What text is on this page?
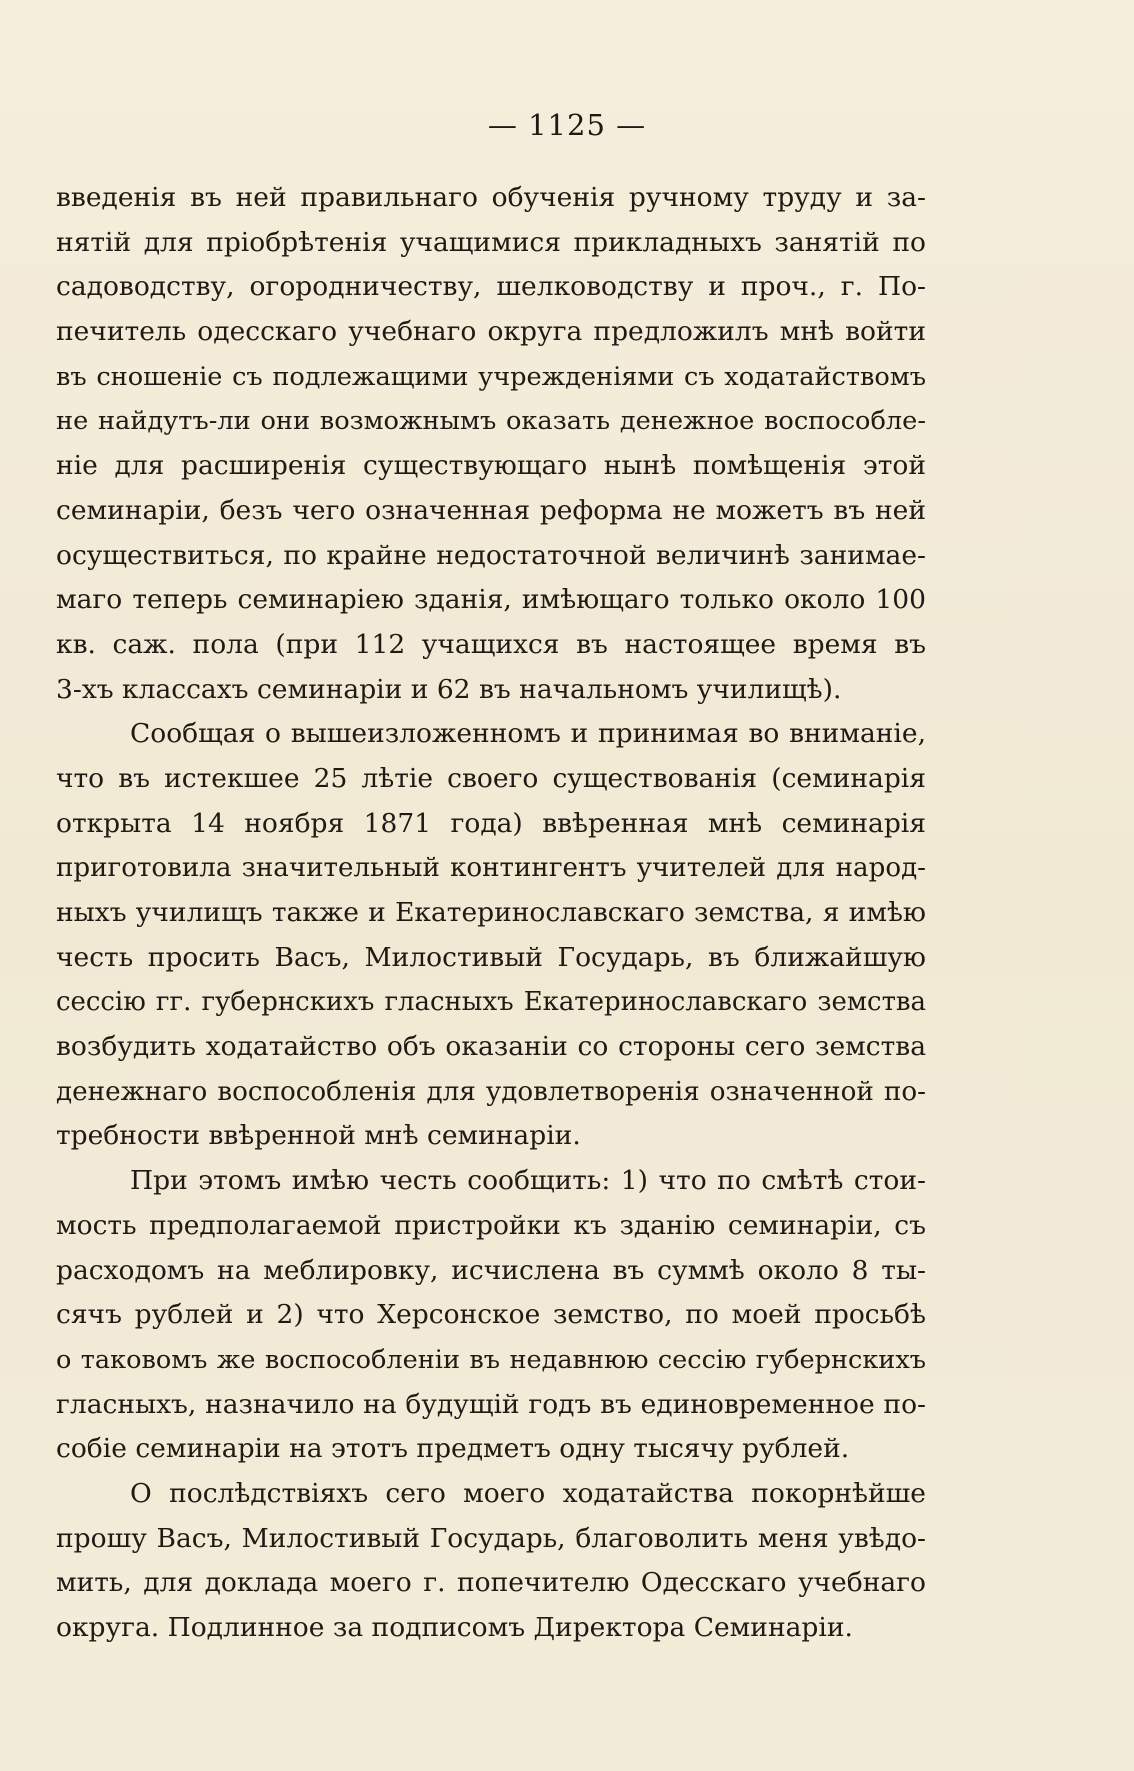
— 1125 —
введенія въ ней правильнаго обученія ручному труду и за-
нятій для пріобрѣтенія учащимися прикладныхъ занятій по
садоводству, огородничеству, шелководству и проч., г. По-
печитель одесскаго учебнаго округа предложилъ мнѣ войти
въ сношеніе съ подлежащими учрежденіями съ ходатайствомъ
не найдутъ-ли они возможнымъ оказать денежное воспособле-
ніе для расширенія существующаго нынѣ помѣщенія этой
семинаріи, безъ чего означенная реформа не можетъ въ ней
осуществиться, по крайне недостаточной величинѣ занимае-
маго теперь семинаріею зданія, имѣющаго только около 100
кв. саж. пола (при 112 учащихся въ настоящее время въ
3-хъ классахъ семинаріи и 62 въ начальномъ училищѣ).
Сообщая о вышеизложенномъ и принимая во вниманіе,
что въ истекшее 25 лѣтіе своего существованія (семинарія
открыта 14 ноября 1871 года) ввѣренная мнѣ семинарія
приготовила значительный контингентъ учителей для народ-
ныхъ училищъ также и Екатеринославскаго земства, я имѣю
честь просить Васъ, Милостивый Государь, въ ближайшую
сессію гг. губернскихъ гласныхъ Екатеринославскаго земства
возбудить ходатайство объ оказаніи со стороны сего земства
денежнаго воспособленія для удовлетворенія означенной по-
требности ввѣренной мнѣ семинаріи.
При этомъ имѣю честь сообщить: 1) что по смѣтѣ стои-
мость предполагаемой пристройки къ зданію семинаріи, съ
расходомъ на меблировку, исчислена въ суммѣ около 8 ты-
сячъ рублей и 2) что Херсонское земство, по моей просьбѣ
о таковомъ же воспособленіи въ недавнюю сессію губернскихъ
гласныхъ, назначило на будущій годъ въ единовременное по-
собіе семинаріи на этотъ предметъ одну тысячу рублей.
О послѣдствіяхъ сего моего ходатайства покорнѣйше
прошу Васъ, Милостивый Государь, благоволить меня увѣдо-
мить, для доклада моего г. попечителю Одесскаго учебнаго
округа. Подлинное за подписомъ Директора Семинаріи.
